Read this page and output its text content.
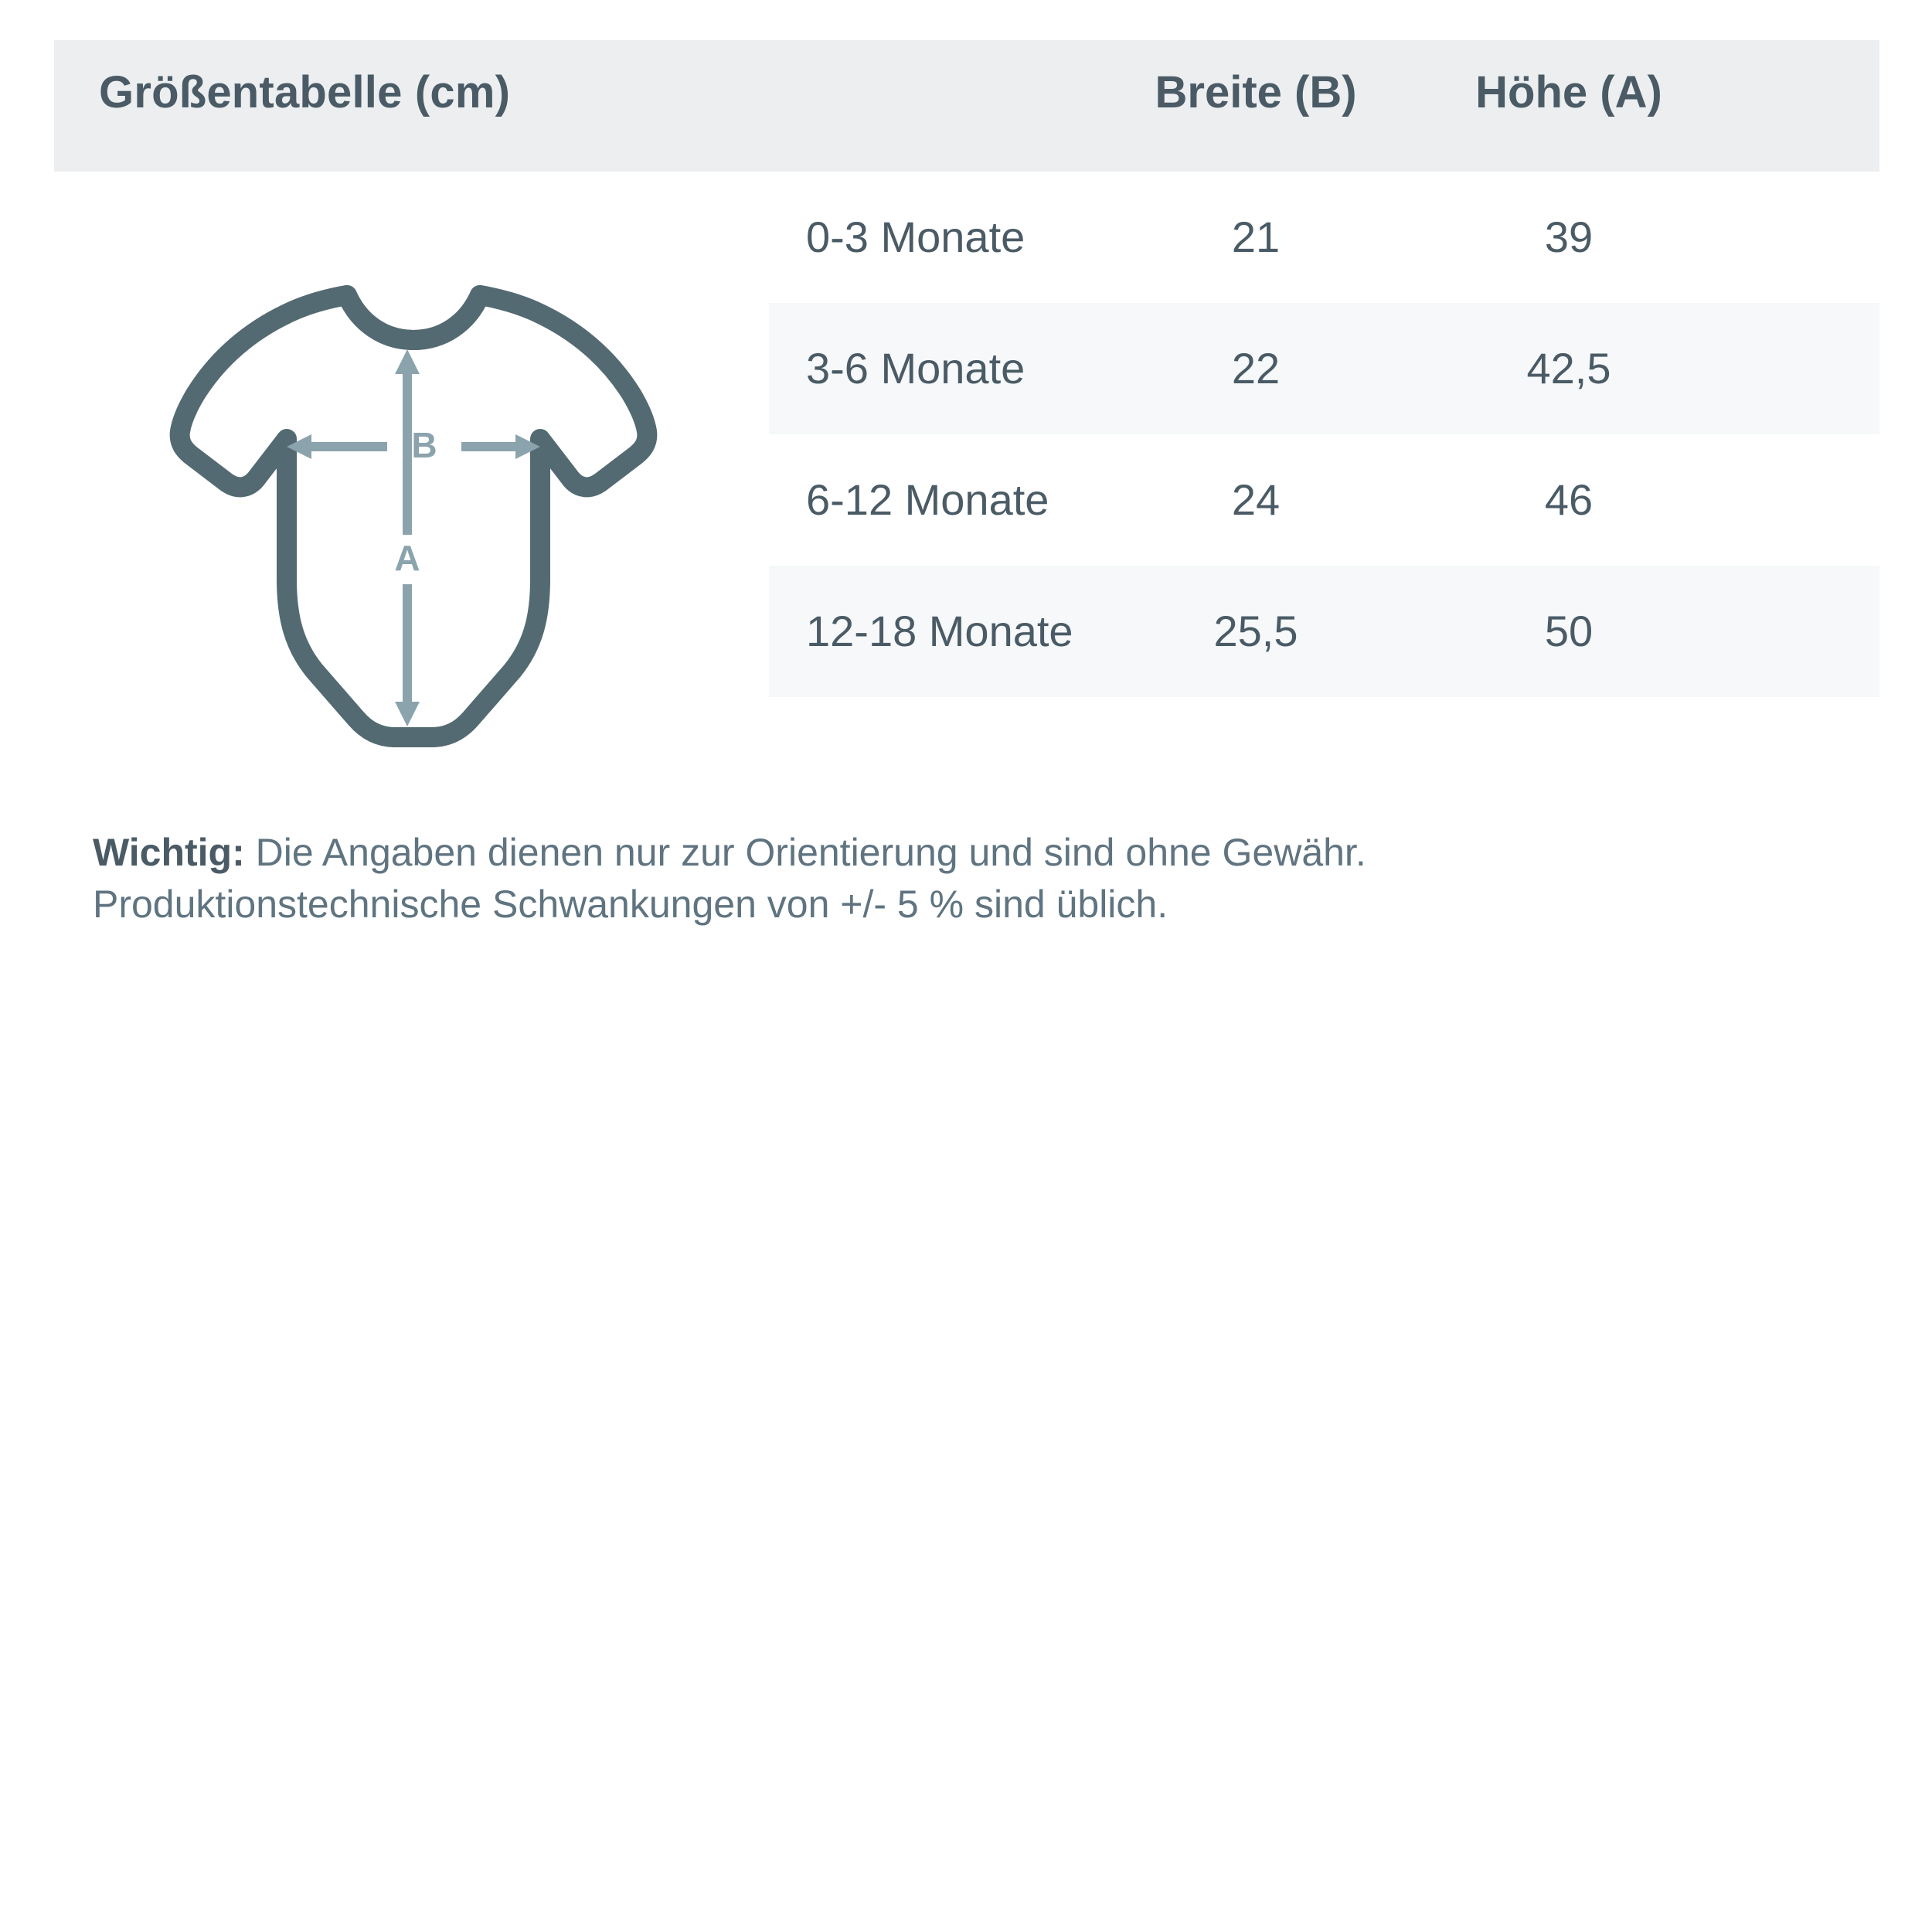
Größentabelle (cm)	Breite (B)	Höhe (A)
B
A
0-3 Monate	21	39
3-6 Monate	22	42,5
6-12 Monate	24	46
12-18 Monate	25,5	50
Wichtig: Die Angaben dienen nur zur Orientierung und sind ohne Gewähr.
Produktionstechnische Schwankungen von +/- 5 % sind üblich.
